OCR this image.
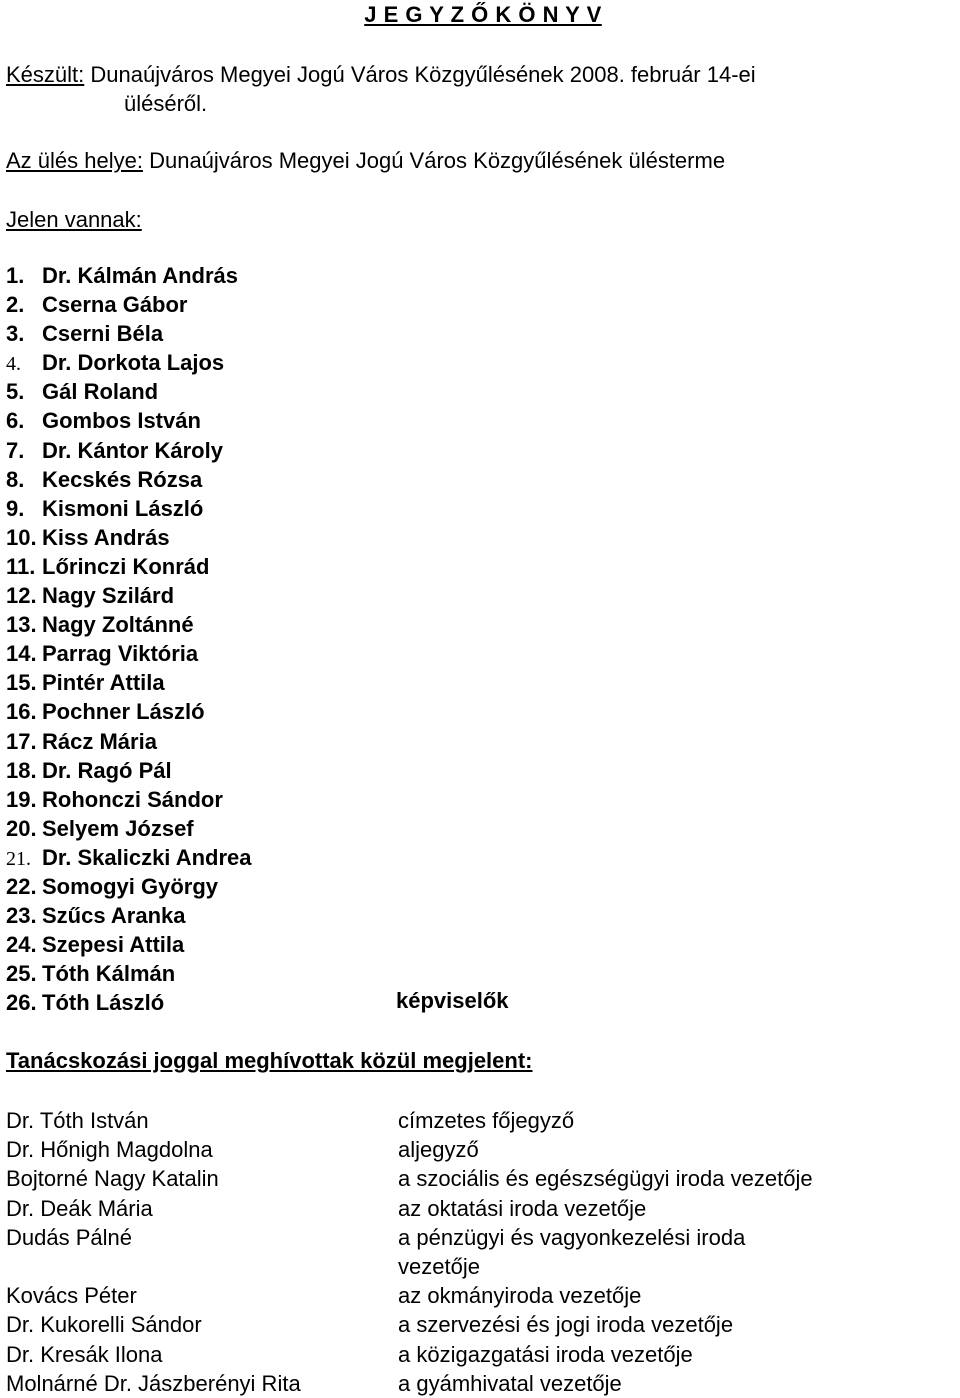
J E G Y Z Ő K Ö N Y V
Készült: Dunaújváros Megyei Jogú Város Közgyűlésének 2008. február 14-ei
üléséről.
Az ülés helye: Dunaújváros Megyei Jogú Város Közgyűlésének ülésterme
Jelen vannak:
1. Dr. Kálmán András
2. Cserna Gábor
3. Cserni Béla
4. Dr. Dorkota Lajos
5. Gál Roland
6. Gombos István
7. Dr. Kántor Károly
8. Kecskés Rózsa
9. Kismoni László
10. Kiss András
11. Lőrinczi Konrád
12. Nagy Szilárd
13. Nagy Zoltánné
14. Parrag Viktória
15. Pintér Attila
16. Pochner László
17. Rácz Mária
18. Dr. Ragó Pál
19. Rohonczi Sándor
20. Selyem József
21. Dr. Skaliczki Andrea
22. Somogyi György
23. Szűcs Aranka
24. Szepesi Attila
25. Tóth Kálmán
26. Tóth László	képviselők
Tanácskozási joggal meghívottak közül megjelent:
Dr. Tóth István	címzetes főjegyző
Dr. Hőnigh Magdolna	aljegyző
Bojtorné Nagy Katalin	a szociális és egészségügyi iroda vezetője
Dr. Deák Mária	az oktatási iroda vezetője
Dudás Pálné	a pénzügyi és vagyonkezelési iroda
vezetője
Kovács Péter	az okmányiroda vezetője
Dr. Kukorelli Sándor	a szervezési és jogi iroda vezetője
Dr. Kresák Ilona	a közigazgatási iroda vezetője
Molnárné Dr. Jászberényi Rita	a gyámhivatal vezetője
